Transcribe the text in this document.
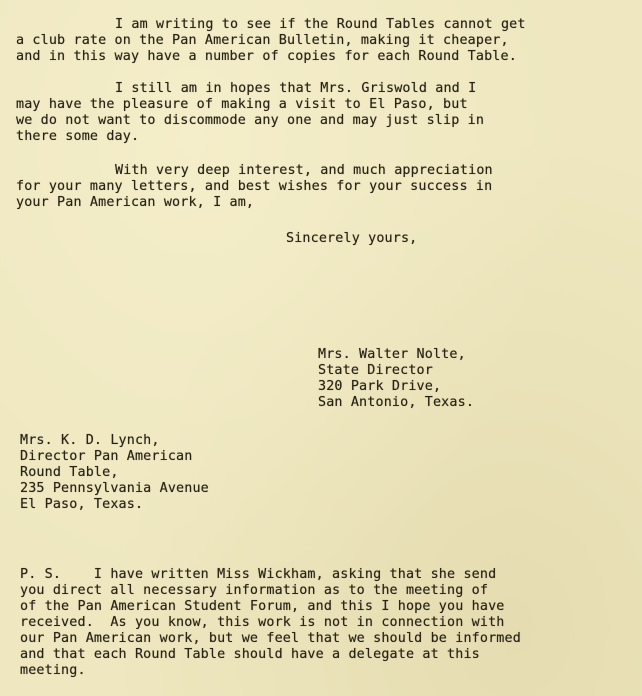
I am writing to see if the Round Tables cannot get
a club rate on the Pan American Bulletin, making it cheaper,
and in this way have a number of copies for each Round Table.
I still am in hopes that Mrs. Griswold and I
may have the pleasure of making a visit to El Paso, but
we do not want to discommode any one and may just slip in
there some day.
With very deep interest, and much appreciation
for your many letters, and best wishes for your success in
your Pan American work, I am,
Sincerely yours,
Mrs. Walter Nolte,
State Director
320 Park Drive,
San Antonio, Texas.
Mrs. K. D. Lynch,
Director Pan American
Round Table,
235 Pennsylvania Avenue
El Paso, Texas.
P. S.    I have written Miss Wickham, asking that she send
you direct all necessary information as to the meeting of
of the Pan American Student Forum, and this I hope you have
received.  As you know, this work is not in connection with
our Pan American work, but we feel that we should be informed
and that each Round Table should have a delegate at this
meeting.
